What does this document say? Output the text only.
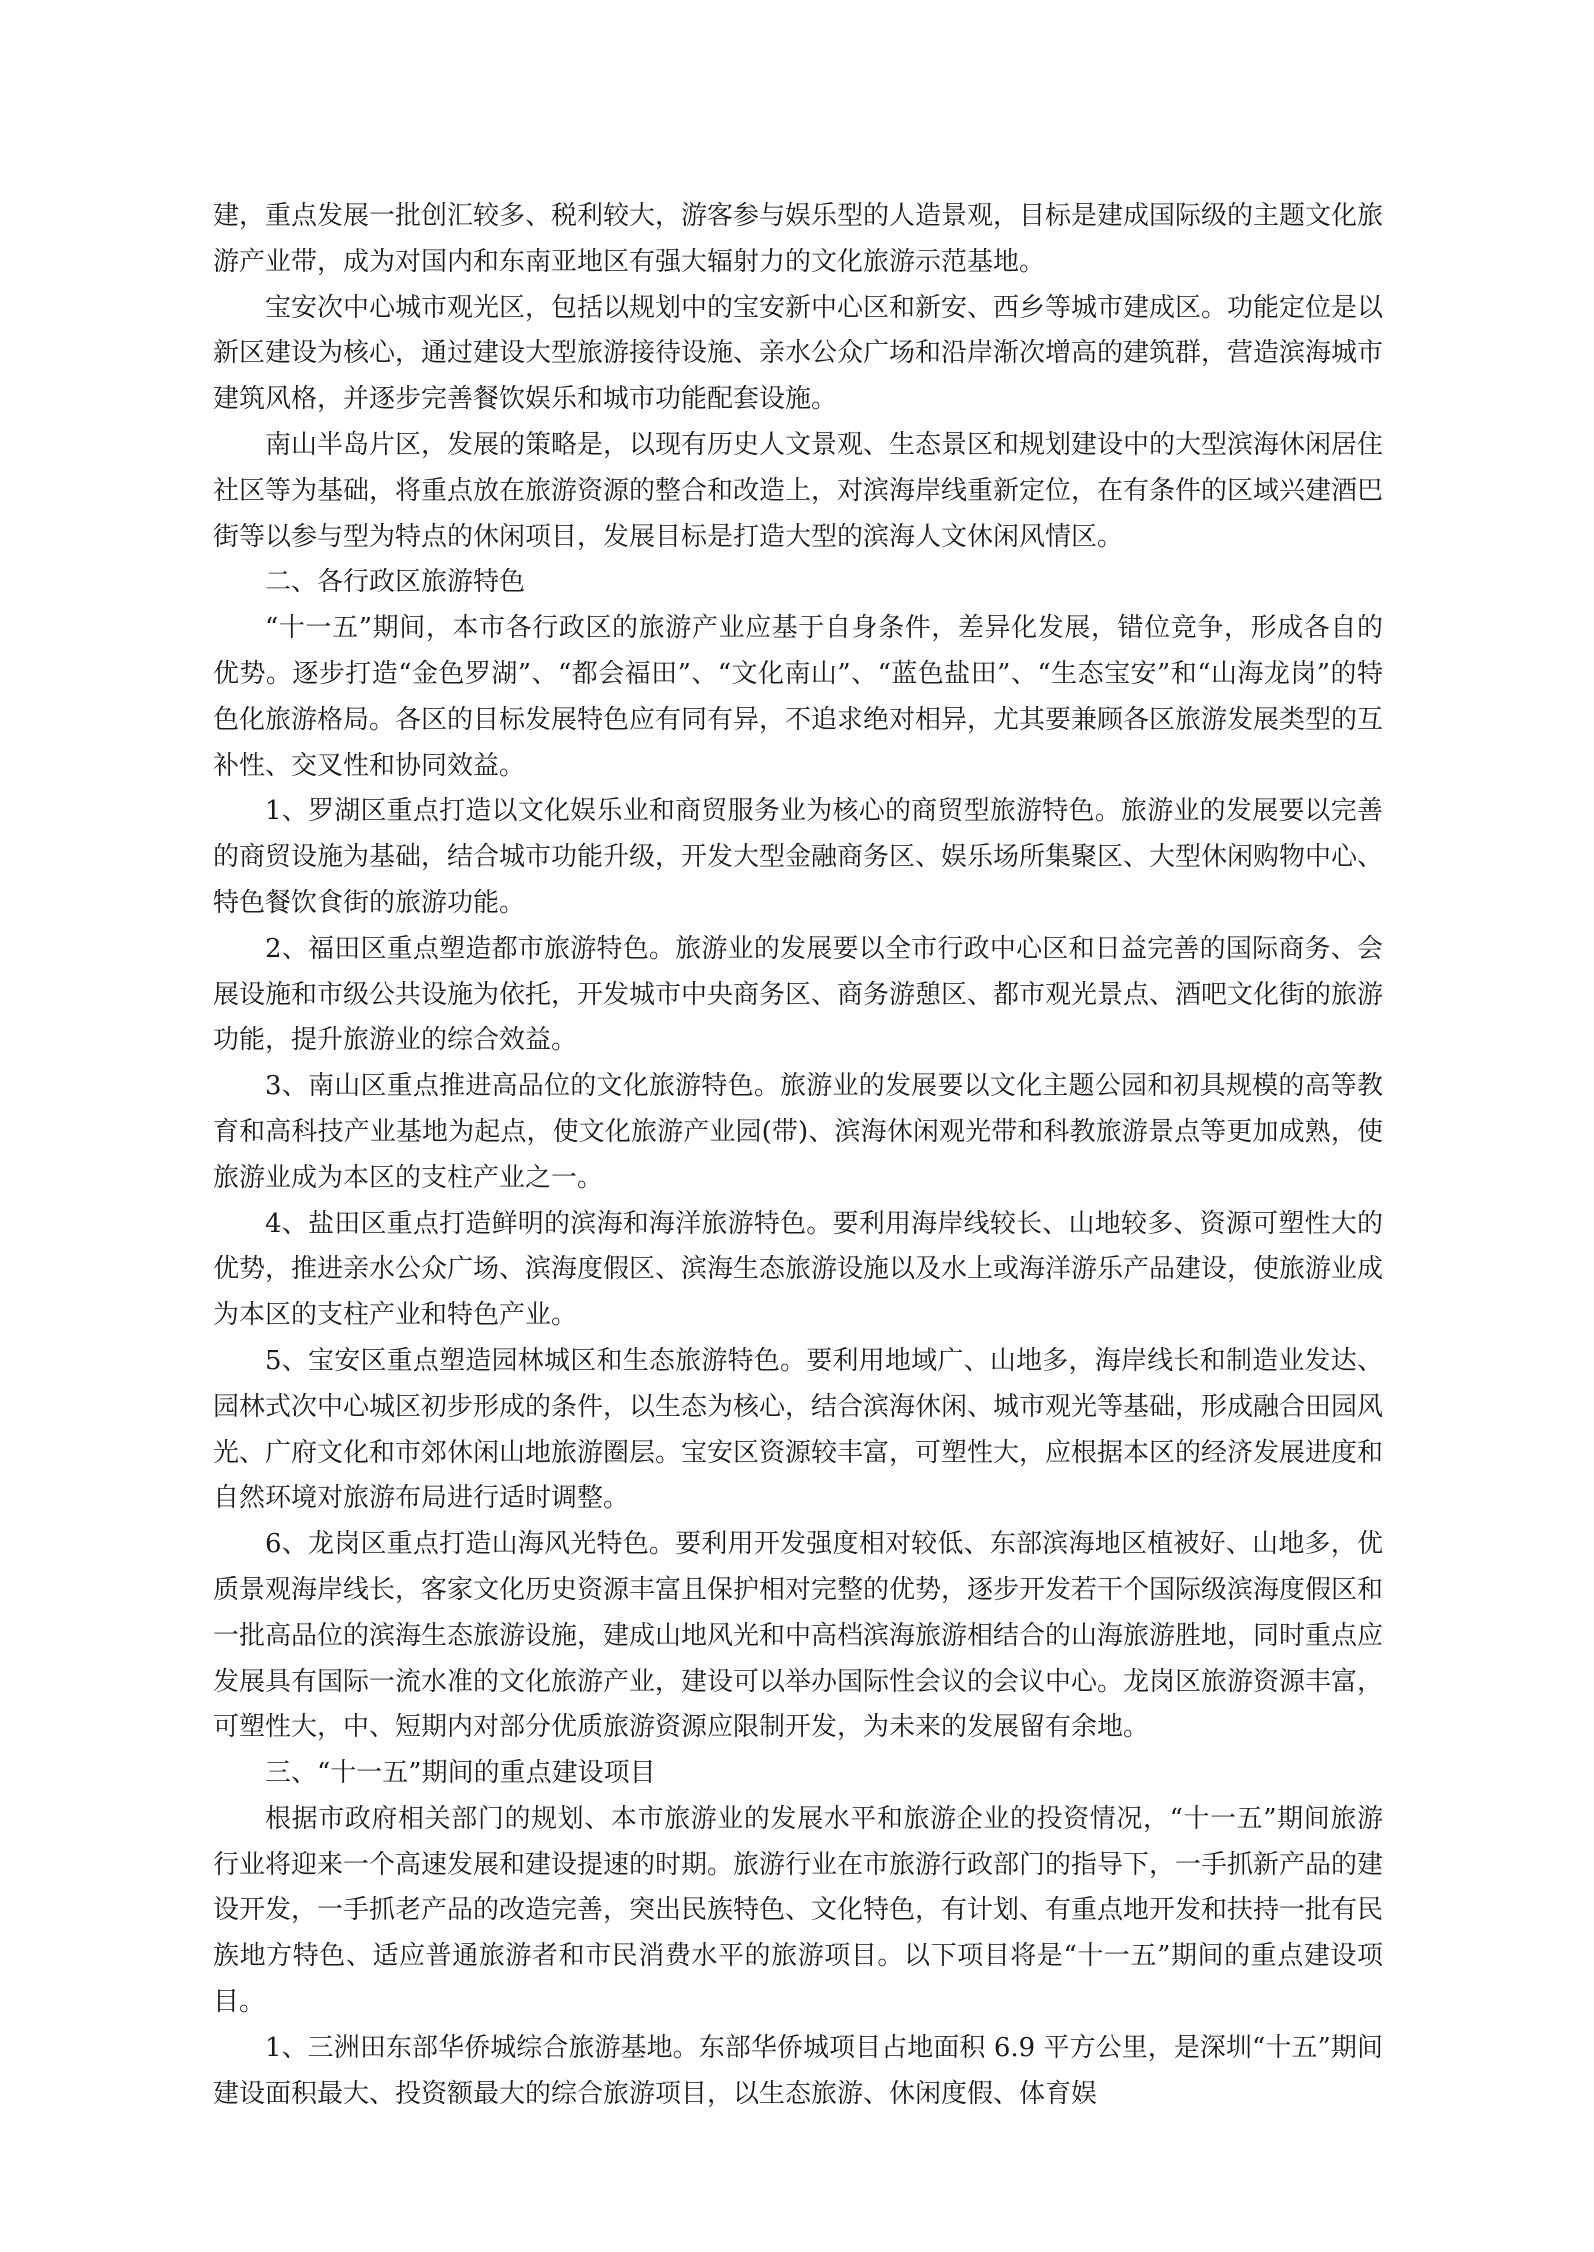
建，重点发展一批创汇较多、税利较大，游客参与娱乐型的人造景观，目标是建成国际级的主题文化旅游产业带，成为对国内和东南亚地区有强大辐射力的文化旅游示范基地。

宝安次中心城市观光区，包括以规划中的宝安新中心区和新安、西乡等城市建成区。功能定位是以新区建设为核心，通过建设大型旅游接待设施、亲水公众广场和沿岸渐次增高的建筑群，营造滨海城市建筑风格，并逐步完善餐饮娱乐和城市功能配套设施。

南山半岛片区，发展的策略是，以现有历史人文景观、生态景区和规划建设中的大型滨海休闲居住社区等为基础，将重点放在旅游资源的整合和改造上，对滨海岸线重新定位，在有条件的区域兴建酒巴街等以参与型为特点的休闲项目，发展目标是打造大型的滨海人文休闲风情区。

二、各行政区旅游特色

“十一五”期间，本市各行政区的旅游产业应基于自身条件，差异化发展，错位竞争，形成各自的优势。逐步打造“金色罗湖”、“都会福田”、“文化南山”、“蓝色盐田”、“生态宝安”和“山海龙岗”的特色化旅游格局。各区的目标发展特色应有同有异，不追求绝对相异，尤其要兼顾各区旅游发展类型的互补性、交叉性和协同效益。

1、罗湖区重点打造以文化娱乐业和商贸服务业为核心的商贸型旅游特色。旅游业的发展要以完善的商贸设施为基础，结合城市功能升级，开发大型金融商务区、娱乐场所集聚区、大型休闲购物中心、特色餐饮食街的旅游功能。

2、福田区重点塑造都市旅游特色。旅游业的发展要以全市行政中心区和日益完善的国际商务、会展设施和市级公共设施为依托，开发城市中央商务区、商务游憩区、都市观光景点、酒吧文化街的旅游功能，提升旅游业的综合效益。

3、南山区重点推进高品位的文化旅游特色。旅游业的发展要以文化主题公园和初具规模的高等教育和高科技产业基地为起点，使文化旅游产业园(带)、滨海休闲观光带和科教旅游景点等更加成熟，使旅游业成为本区的支柱产业之一。

4、盐田区重点打造鲜明的滨海和海洋旅游特色。要利用海岸线较长、山地较多、资源可塑性大的优势，推进亲水公众广场、滨海度假区、滨海生态旅游设施以及水上或海洋游乐产品建设，使旅游业成为本区的支柱产业和特色产业。

5、宝安区重点塑造园林城区和生态旅游特色。要利用地域广、山地多，海岸线长和制造业发达、园林式次中心城区初步形成的条件，以生态为核心，结合滨海休闲、城市观光等基础，形成融合田园风光、广府文化和市郊休闲山地旅游圈层。宝安区资源较丰富，可塑性大，应根据本区的经济发展进度和自然环境对旅游布局进行适时调整。

6、龙岗区重点打造山海风光特色。要利用开发强度相对较低、东部滨海地区植被好、山地多，优质景观海岸线长，客家文化历史资源丰富且保护相对完整的优势，逐步开发若干个国际级滨海度假区和一批高品位的滨海生态旅游设施，建成山地风光和中高档滨海旅游相结合的山海旅游胜地，同时重点应发展具有国际一流水准的文化旅游产业，建设可以举办国际性会议的会议中心。龙岗区旅游资源丰富，可塑性大，中、短期内对部分优质旅游资源应限制开发，为未来的发展留有余地。

三、“十一五”期间的重点建设项目

根据市政府相关部门的规划、本市旅游业的发展水平和旅游企业的投资情况，“十一五”期间旅游行业将迎来一个高速发展和建设提速的时期。旅游行业在市旅游行政部门的指导下，一手抓新产品的建设开发，一手抓老产品的改造完善，突出民族特色、文化特色，有计划、有重点地开发和扶持一批有民族地方特色、适应普通旅游者和市民消费水平的旅游项目。以下项目将是“十一五”期间的重点建设项目。

1、三洲田东部华侨城综合旅游基地。东部华侨城项目占地面积 6.9 平方公里，是深圳“十五”期间建设面积最大、投资额最大的综合旅游项目，以生态旅游、休闲度假、体育娱
